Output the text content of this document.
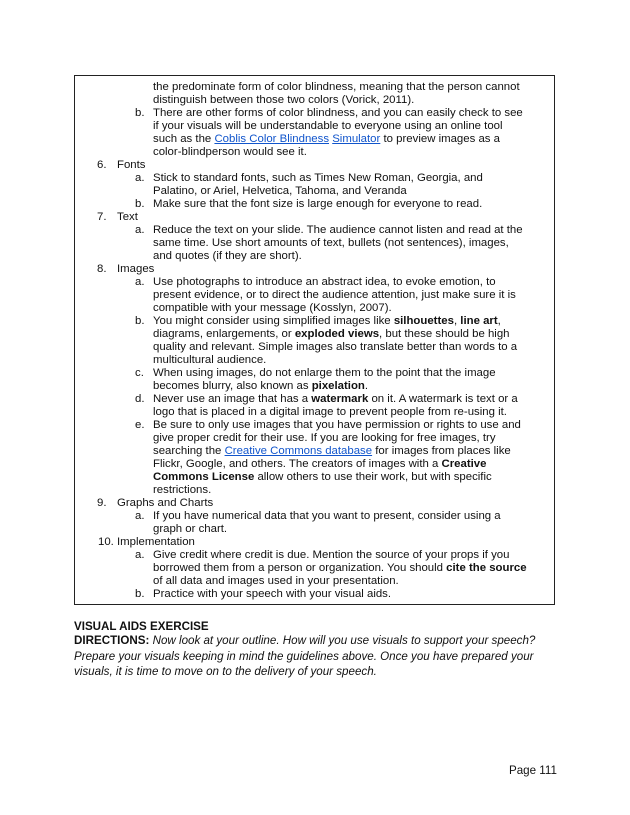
the predominate form of color blindness, meaning that the person cannot
distinguish between those two colors (Vorick, 2011).
b. There are other forms of color blindness, and you can easily check to see
if your visuals will be understandable to everyone using an online tool
such as the Coblis Color Blindness Simulator to preview images as a
color-blindperson would see it.
6. Fonts
a. Stick to standard fonts, such as Times New Roman, Georgia, and
Palatino, or Ariel, Helvetica, Tahoma, and Veranda
b. Make sure that the font size is large enough for everyone to read.
7. Text
a. Reduce the text on your slide. The audience cannot listen and read at the
same time. Use short amounts of text, bullets (not sentences), images,
and quotes (if they are short).
8. Images
a. Use photographs to introduce an abstract idea, to evoke emotion, to
present evidence, or to direct the audience attention, just make sure it is
compatible with your message (Kosslyn, 2007).
b. You might consider using simplified images like silhouettes, line art,
diagrams, enlargements, or exploded views, but these should be high
quality and relevant. Simple images also translate better than words to a
multicultural audience.
c. When using images, do not enlarge them to the point that the image
becomes blurry, also known as pixelation.
d. Never use an image that has a watermark on it. A watermark is text or a
logo that is placed in a digital image to prevent people from re-using it.
e. Be sure to only use images that you have permission or rights to use and
give proper credit for their use. If you are looking for free images, try
searching the Creative Commons database for images from places like
Flickr, Google, and others. The creators of images with a Creative
Commons License allow others to use their work, but with specific
restrictions.
9. Graphs and Charts
a. If you have numerical data that you want to present, consider using a
graph or chart.
10. Implementation
a. Give credit where credit is due. Mention the source of your props if you
borrowed them from a person or organization. You should cite the source
of all data and images used in your presentation.
b. Practice with your speech with your visual aids.
VISUAL AIDS EXERCISE
DIRECTIONS: Now look at your outline. How will you use visuals to support your speech?
Prepare your visuals keeping in mind the guidelines above. Once you have prepared your
visuals, it is time to move on to the delivery of your speech.
Page 111
